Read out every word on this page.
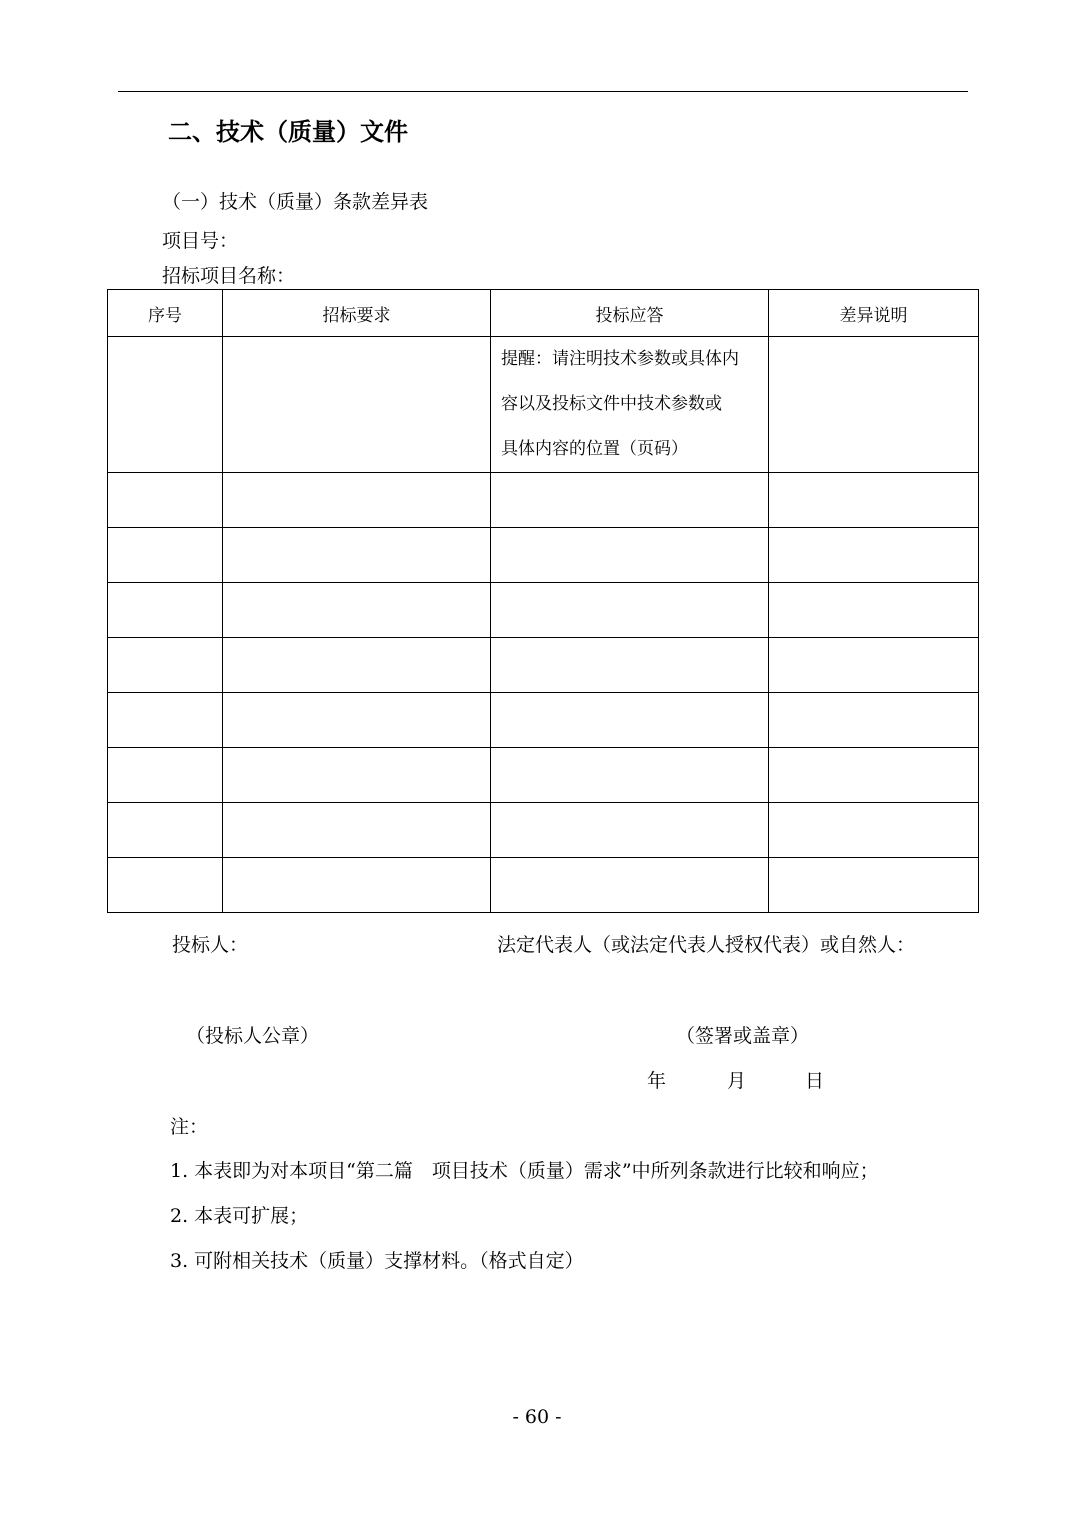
二、技术（质量）文件
（一）技术（质量）条款差异表
项目号：
招标项目名称：
序号	招标要求	投标应答	差异说明

		提醒：请注明技术参数或具体内
容以及投标文件中技术参数或
具体内容的位置（页码）	

投标人：	法定代表人（或法定代表人授权代表）或自然人：
（投标人公章）	（签署或盖章）
年	月	日
注：
1. 本表即为对本项目“第二篇　项目技术（质量）需求”中所列条款进行比较和响应；
2. 本表可扩展；
3. 可附相关技术（质量）支撑材料。（格式自定）
- 60 -
